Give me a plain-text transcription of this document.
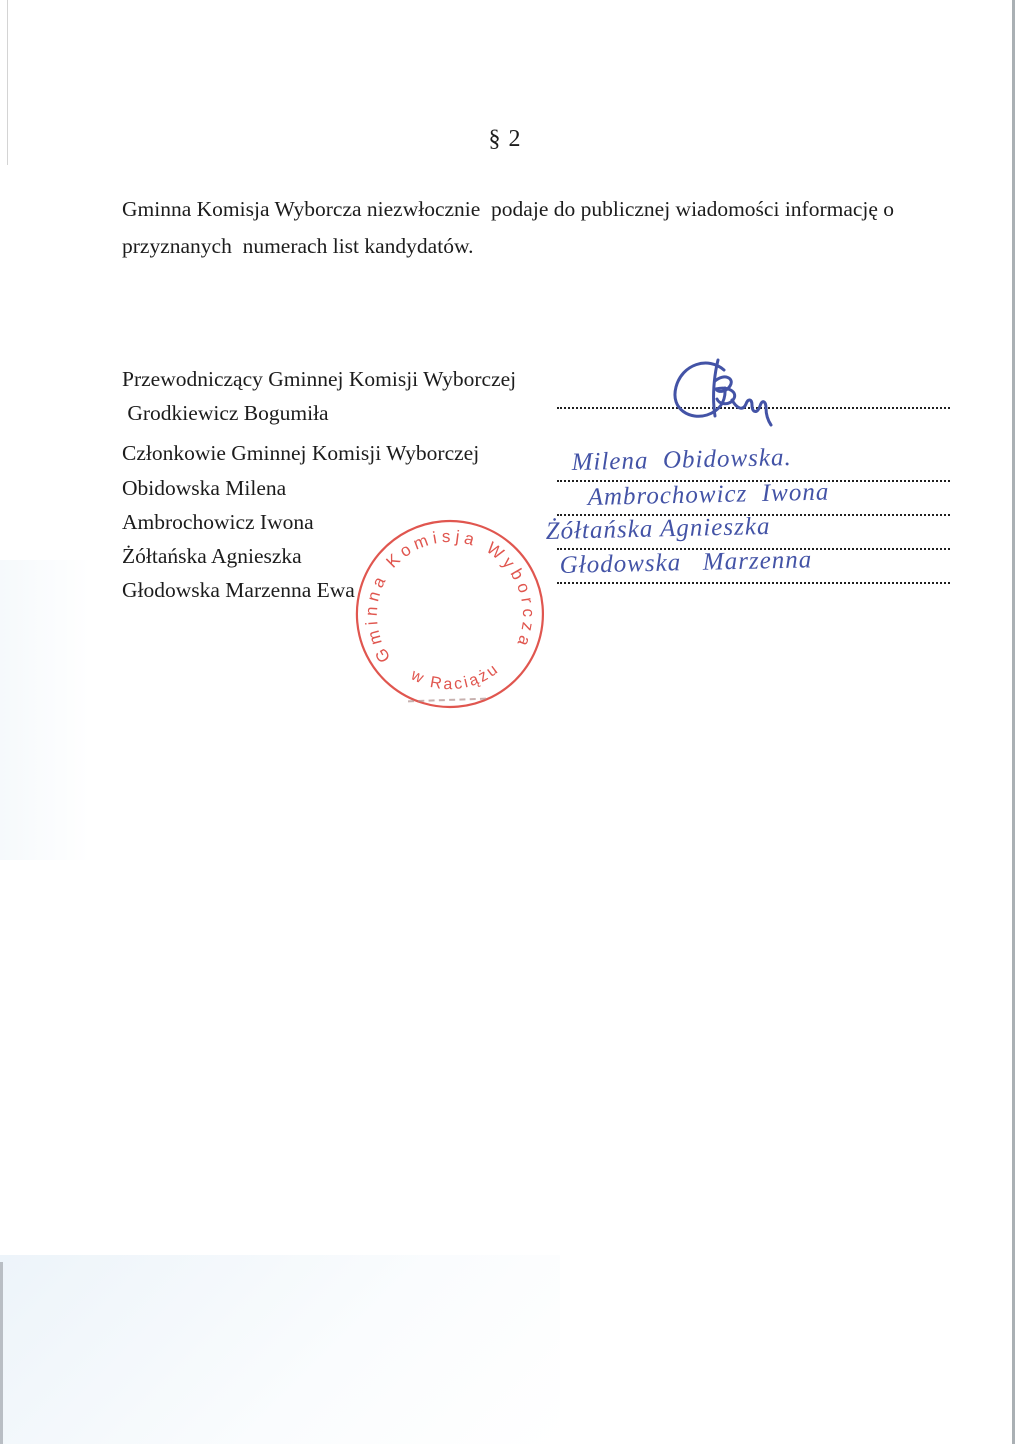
§ 2
Gminna Komisja Wyborcza niezwłocznie  podaje do publicznej wiadomości informację o
przyznanych  numerach list kandydatów.
Przewodniczący Gminnej Komisji Wyborczej
Grodkiewicz Bogumiła
Członkowie Gminnej Komisji Wyborczej
Obidowska Milena
Ambrochowicz Iwona
Żółtańska Agnieszka
Głodowska Marzenna Ewa
Milena  Obidowska.
Ambrochowicz  Iwona
Żółtańska Agnieszka
Głodowska   Marzenna
Gminna Komisja Wyborcza
w Raciążu
